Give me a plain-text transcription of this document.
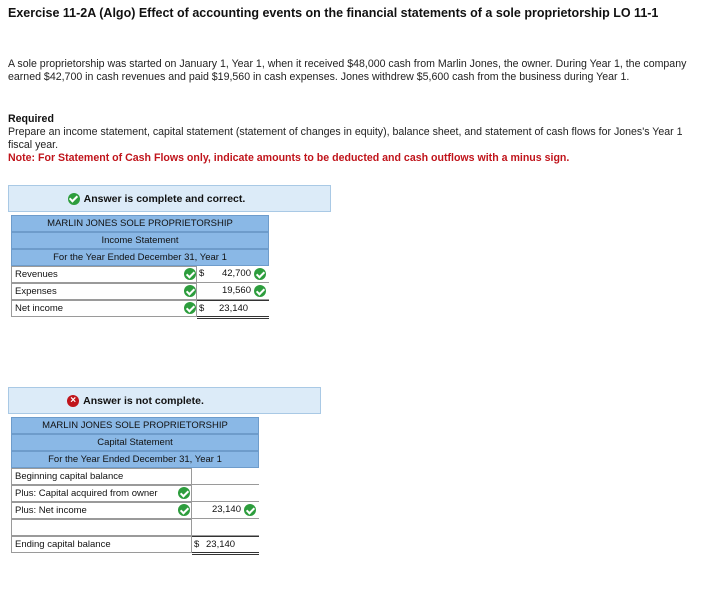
Exercise 11-2A (Algo) Effect of accounting events on the financial statements of a sole proprietorship LO 11-1
A sole proprietorship was started on January 1, Year 1, when it received $48,000 cash from Marlin Jones, the owner. During Year 1, the company earned $42,700 in cash revenues and paid $19,560 in cash expenses. Jones withdrew $5,600 cash from the business during Year 1.
Required
Prepare an income statement, capital statement (statement of changes in equity), balance sheet, and statement of cash flows for Jones's Year 1 fiscal year.
Note: For Statement of Cash Flows only, indicate amounts to be deducted and cash outflows with a minus sign.
Answer is complete and correct.
MARLIN JONES SOLE PROPRIETORSHIP
Income Statement
For the Year Ended December 31, Year 1
Revenues	$ 42,700
Expenses	19,560
Net income	$ 23,140
× Answer is not complete.
MARLIN JONES SOLE PROPRIETORSHIP
Capital Statement
For the Year Ended December 31, Year 1
Beginning capital balance
Plus: Capital acquired from owner
Plus: Net income	23,140
Ending capital balance	$ 23,140
